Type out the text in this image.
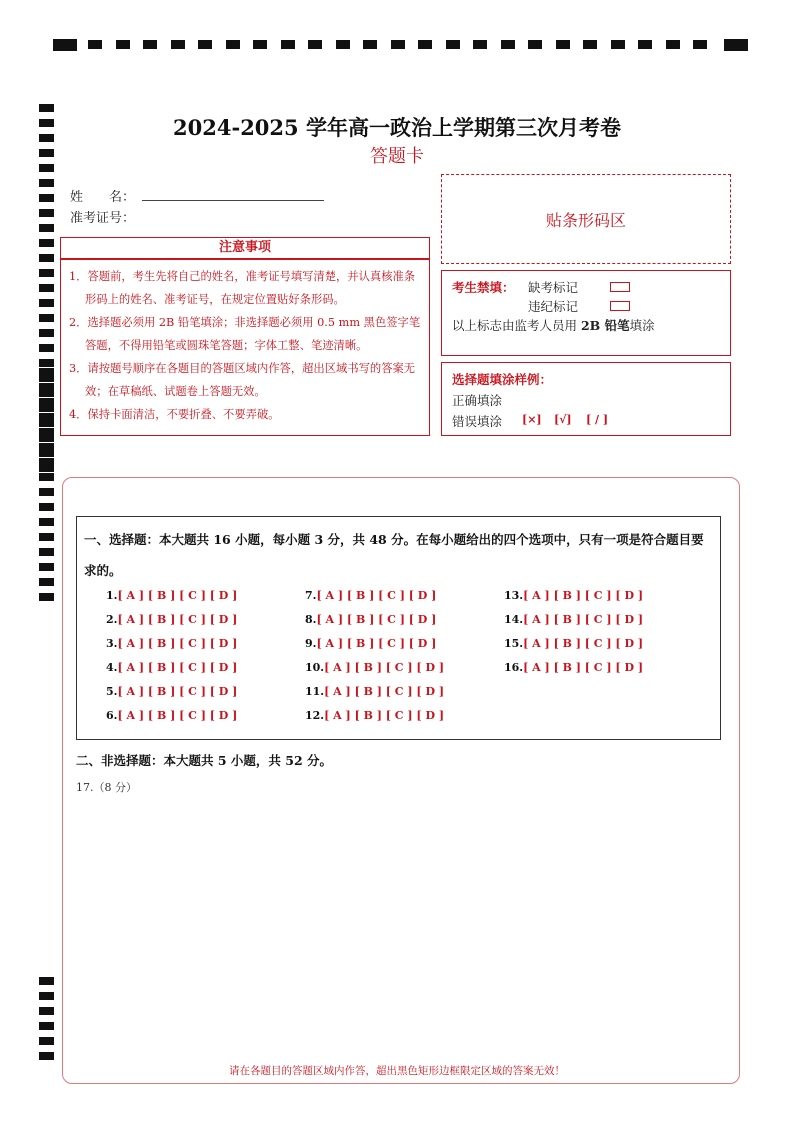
2024-2025 学年高一政治上学期第三次月考卷
答题卡
姓　　名：
准考证号：	贴条形码区
注意事项

1．答题前，考生先将自己的姓名，准考证号填写清楚，并认真核准条形码上的姓名、准考证号，在规定位置贴好条形码。

2．选择题必须用 2B 铅笔填涂；非选择题必须用 0.5 mm 黑色签字笔答题，不得用铅笔或圆珠笔答题；字体工整、笔迹清晰。

3．请按题号顺序在各题目的答题区域内作答，超出区域书写的答案无效；在草稿纸、试题卷上答题无效。

4．保持卡面清洁，不要折叠、不要弄破。

考生禁填： 缺考标记
违纪标记
以上标志由监考人员用 2B 铅笔填涂
选择题填涂样例：
正确填涂
错误填涂 [×] [√] [ / ]
一、选择题：本大题共 16 小题，每小题 3 分，共 48 分。在每小题给出的四个选项中，只有一项是符合题目要求的。
1.[ A ] [ B ] [ C ] [ D ]
2.[ A ] [ B ] [ C ] [ D ]
3.[ A ] [ B ] [ C ] [ D ]
4.[ A ] [ B ] [ C ] [ D ]
5.[ A ] [ B ] [ C ] [ D ]
6.[ A ] [ B ] [ C ] [ D ]
7.[ A ] [ B ] [ C ] [ D ]
8.[ A ] [ B ] [ C ] [ D ]
9.[ A ] [ B ] [ C ] [ D ]
10.[ A ] [ B ] [ C ] [ D ]
11.[ A ] [ B ] [ C ] [ D ]
12.[ A ] [ B ] [ C ] [ D ]
13.[ A ] [ B ] [ C ] [ D ]
14.[ A ] [ B ] [ C ] [ D ]
15.[ A ] [ B ] [ C ] [ D ]
16.[ A ] [ B ] [ C ] [ D ]
二、非选择题：本大题共 5 小题，共 52 分。
17.（8 分）
请在各题目的答题区域内作答，超出黑色矩形边框限定区域的答案无效！
